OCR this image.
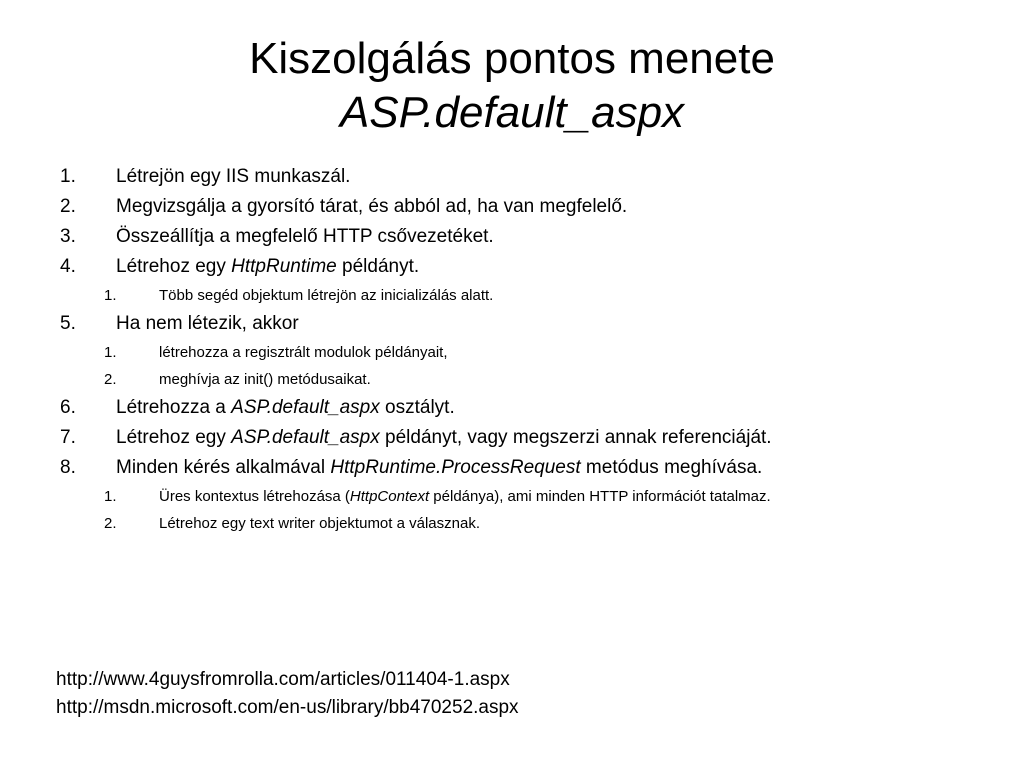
Kiszolgálás pontos menete
ASP.default_aspx
1. Létrejön egy IIS munkaszál.
2. Megvizsgálja a gyorsító tárat, és abból ad, ha van megfelelő.
3. Összeállítja a megfelelő HTTP csővezetéket.
4. Létrehoz egy HttpRuntime példányt.
1.	Több segéd objektum létrejön az inicializálás alatt.
5. Ha nem létezik, akkor
1.	létrehozza a regisztrált modulok példányait,
2.	meghívja az init() metódusaikat.
6. Létrehozza a ASP.default_aspx osztályt.
7. Létrehoz egy ASP.default_aspx példányt, vagy megszerzi annak referenciáját.
8. Minden kérés alkalmával HttpRuntime.ProcessRequest metódus meghívása.
1.	Üres kontextus létrehozása (HttpContext példánya), ami minden HTTP információt tatalmaz.
2.	Létrehoz egy text writer objektumot a válasznak.
http://www.4guysfromrolla.com/articles/011404-1.aspx
http://msdn.microsoft.com/en-us/library/bb470252.aspx
